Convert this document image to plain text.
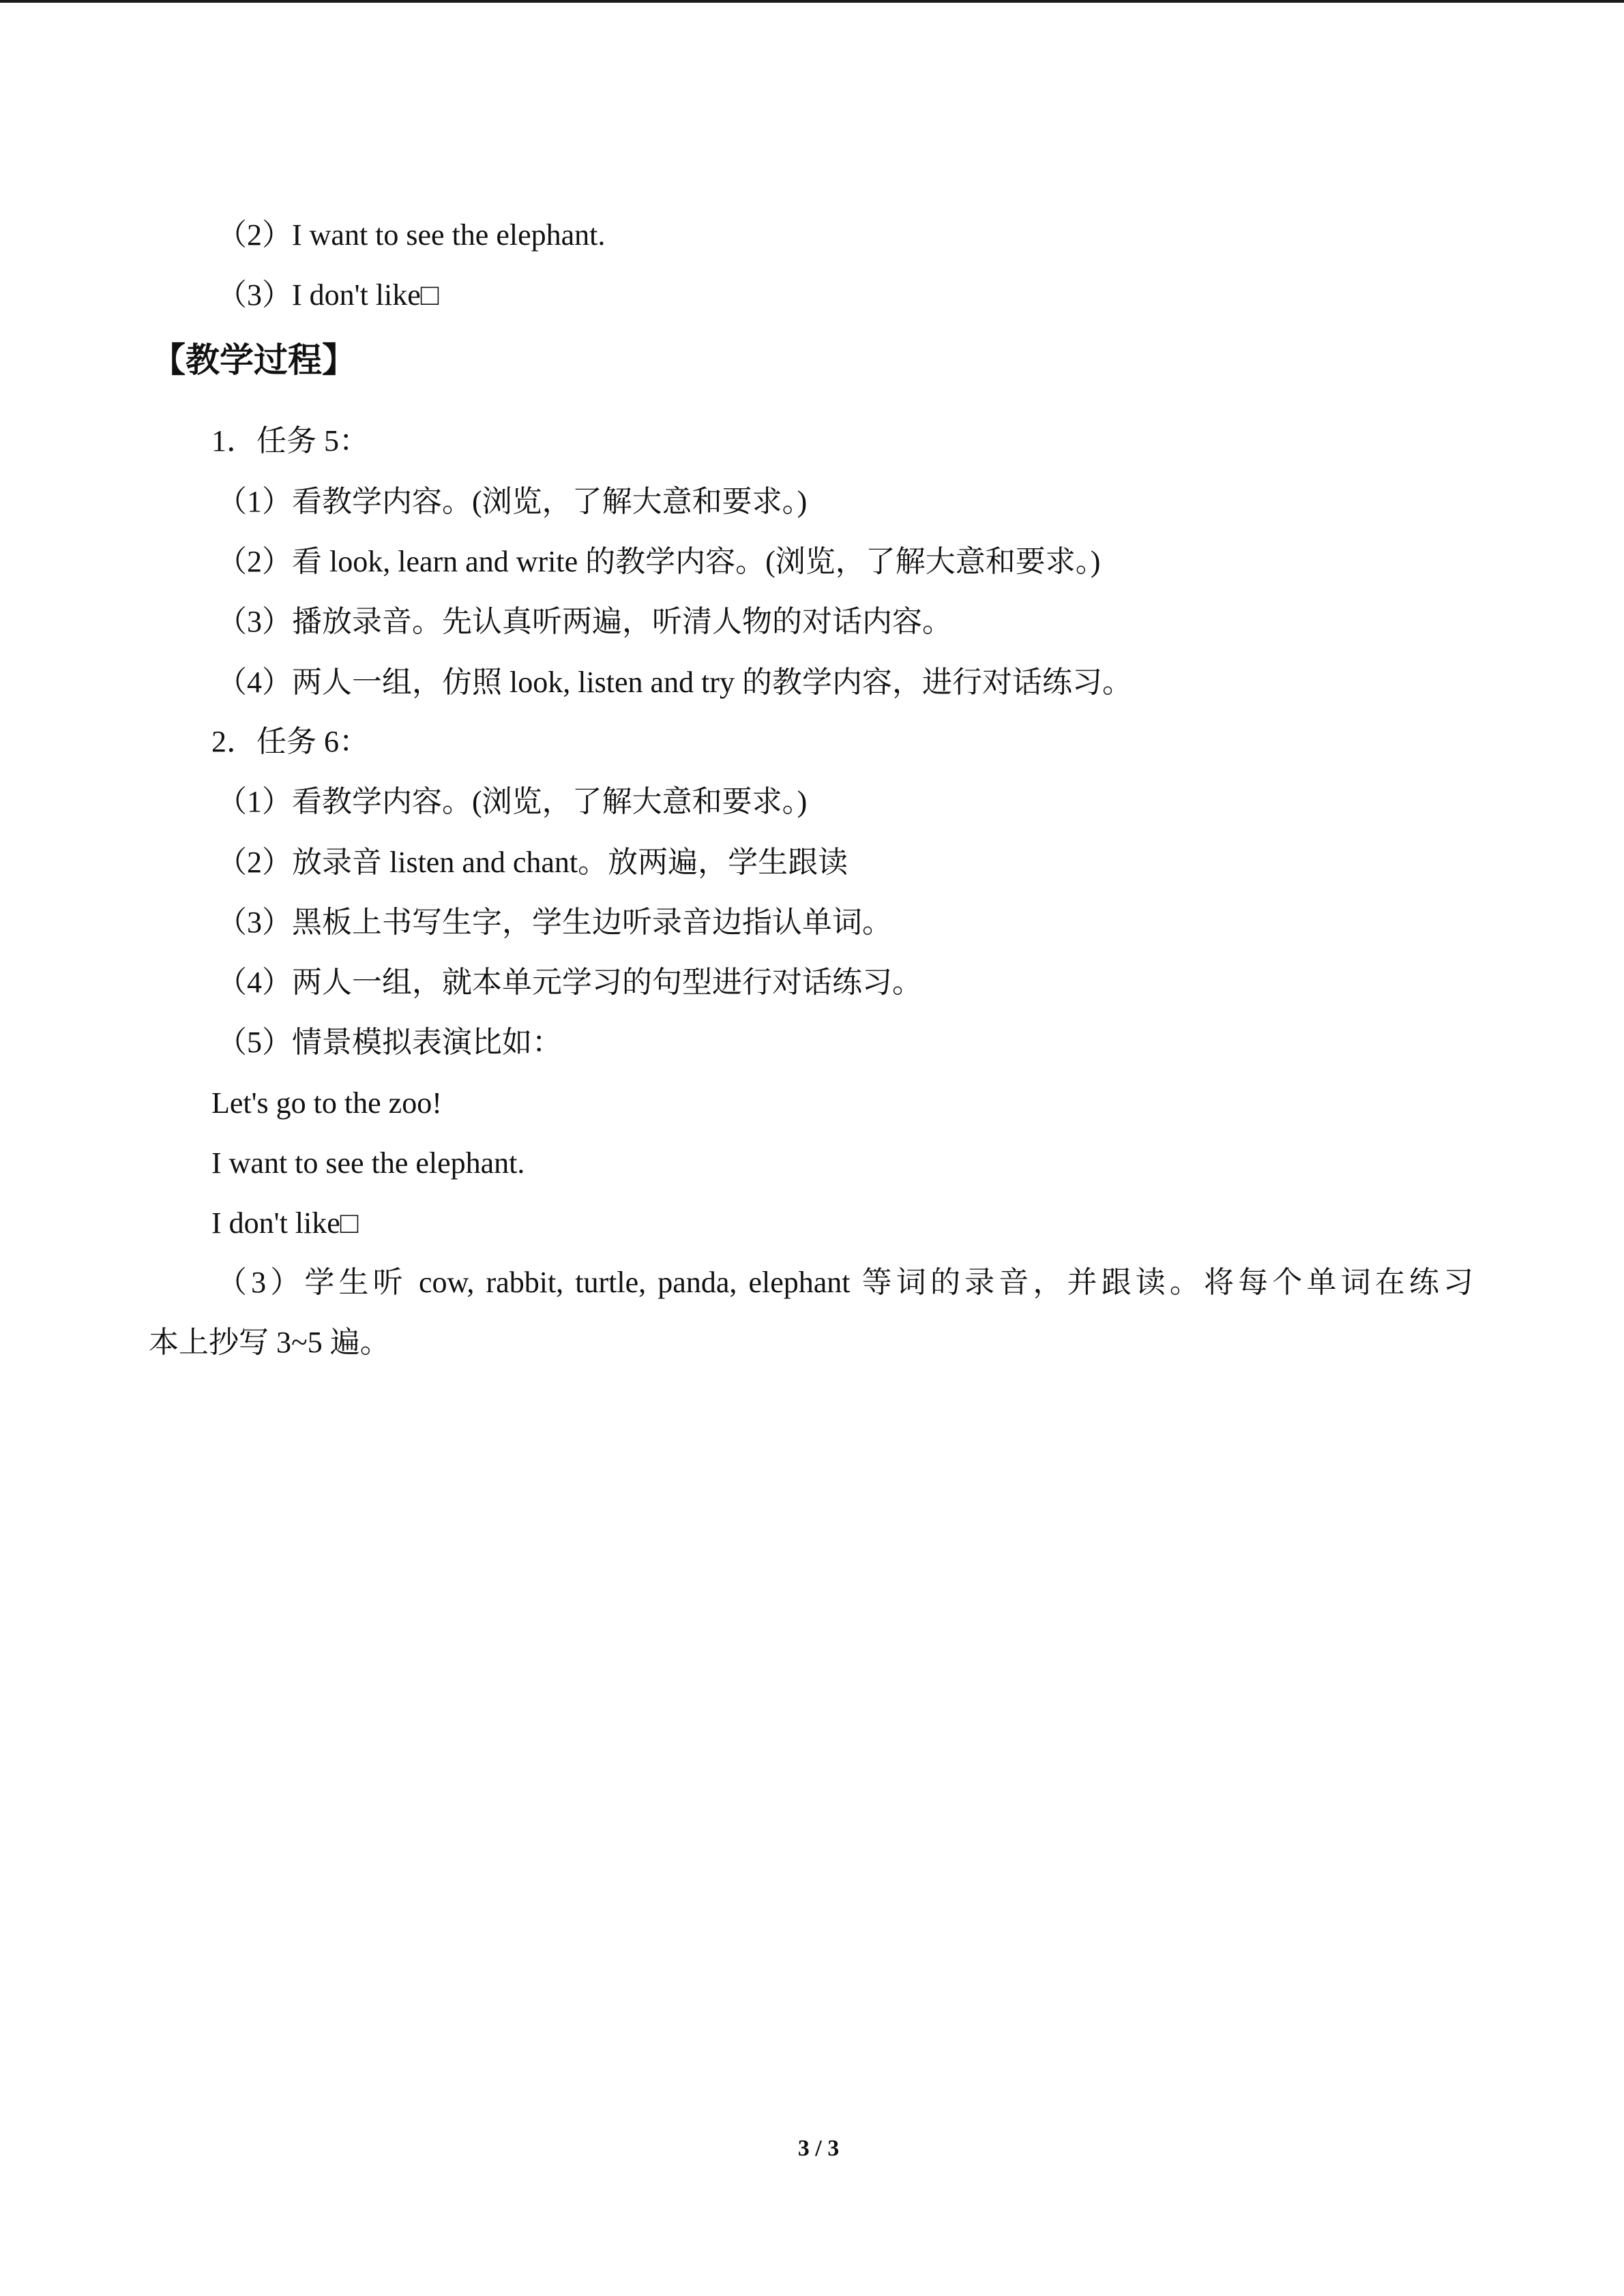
（2）I want to see the elephant.
（3）I don't like□
【教学过程】
1．任务 5：
（1）看教学内容。(浏览，了解大意和要求。)
（2）看 look, learn and write 的教学内容。(浏览，了解大意和要求。)
（3）播放录音。先认真听两遍，听清人物的对话内容。
（4）两人一组，仿照 look, listen and try 的教学内容，进行对话练习。
2．任务 6：
（1）看教学内容。(浏览，了解大意和要求。)
（2）放录音 listen and chant。放两遍，学生跟读
（3）黑板上书写生字，学生边听录音边指认单词。
（4）两人一组，就本单元学习的句型进行对话练习。
（5）情景模拟表演比如：
Let's go to the zoo!
I want to see the elephant.
I don't like□
（3）学生听 cow, rabbit, turtle, panda, elephant 等词的录音，并跟读。将每个单词在练习
本上抄写 3~5 遍。
3 / 3
